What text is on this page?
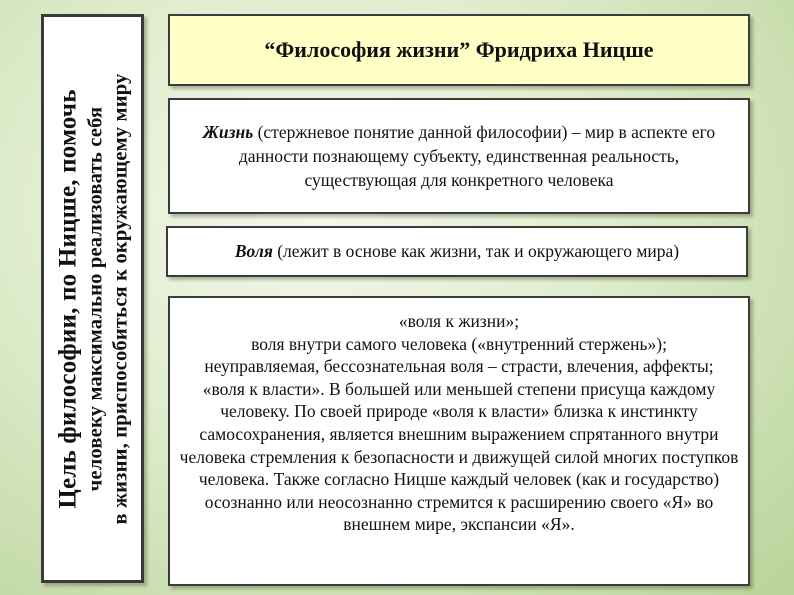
Цель философии, по Ницше, помочь человеку максимально реализовать себя в жизни, приспособиться к окружающему миру
“Философия жизни” Фридриха Ницше
Жизнь (стержневое понятие данной философии) – мир в аспекте его данности познающему субъекту, единственная реальность, существующая для конкретного человека
Воля (лежит в основе как жизни, так и окружающего мира)
«воля к жизни»;
воля внутри самого человека («внутренний стержень»);
неуправляемая, бессознательная воля – страсти, влечения, аффекты;
«воля к власти». В большей или меньшей степени присуща каждому человеку. По своей природе «воля к власти» близка к инстинкту самосохранения, является внешним выражением спрятанного внутри человека стремления к безопасности и движущей силой многих поступков человека. Также согласно Ницше каждый человек (как и государство) осознанно или неосознанно стремится к расширению своего «Я» во внешнем мире, экспансии «Я».
